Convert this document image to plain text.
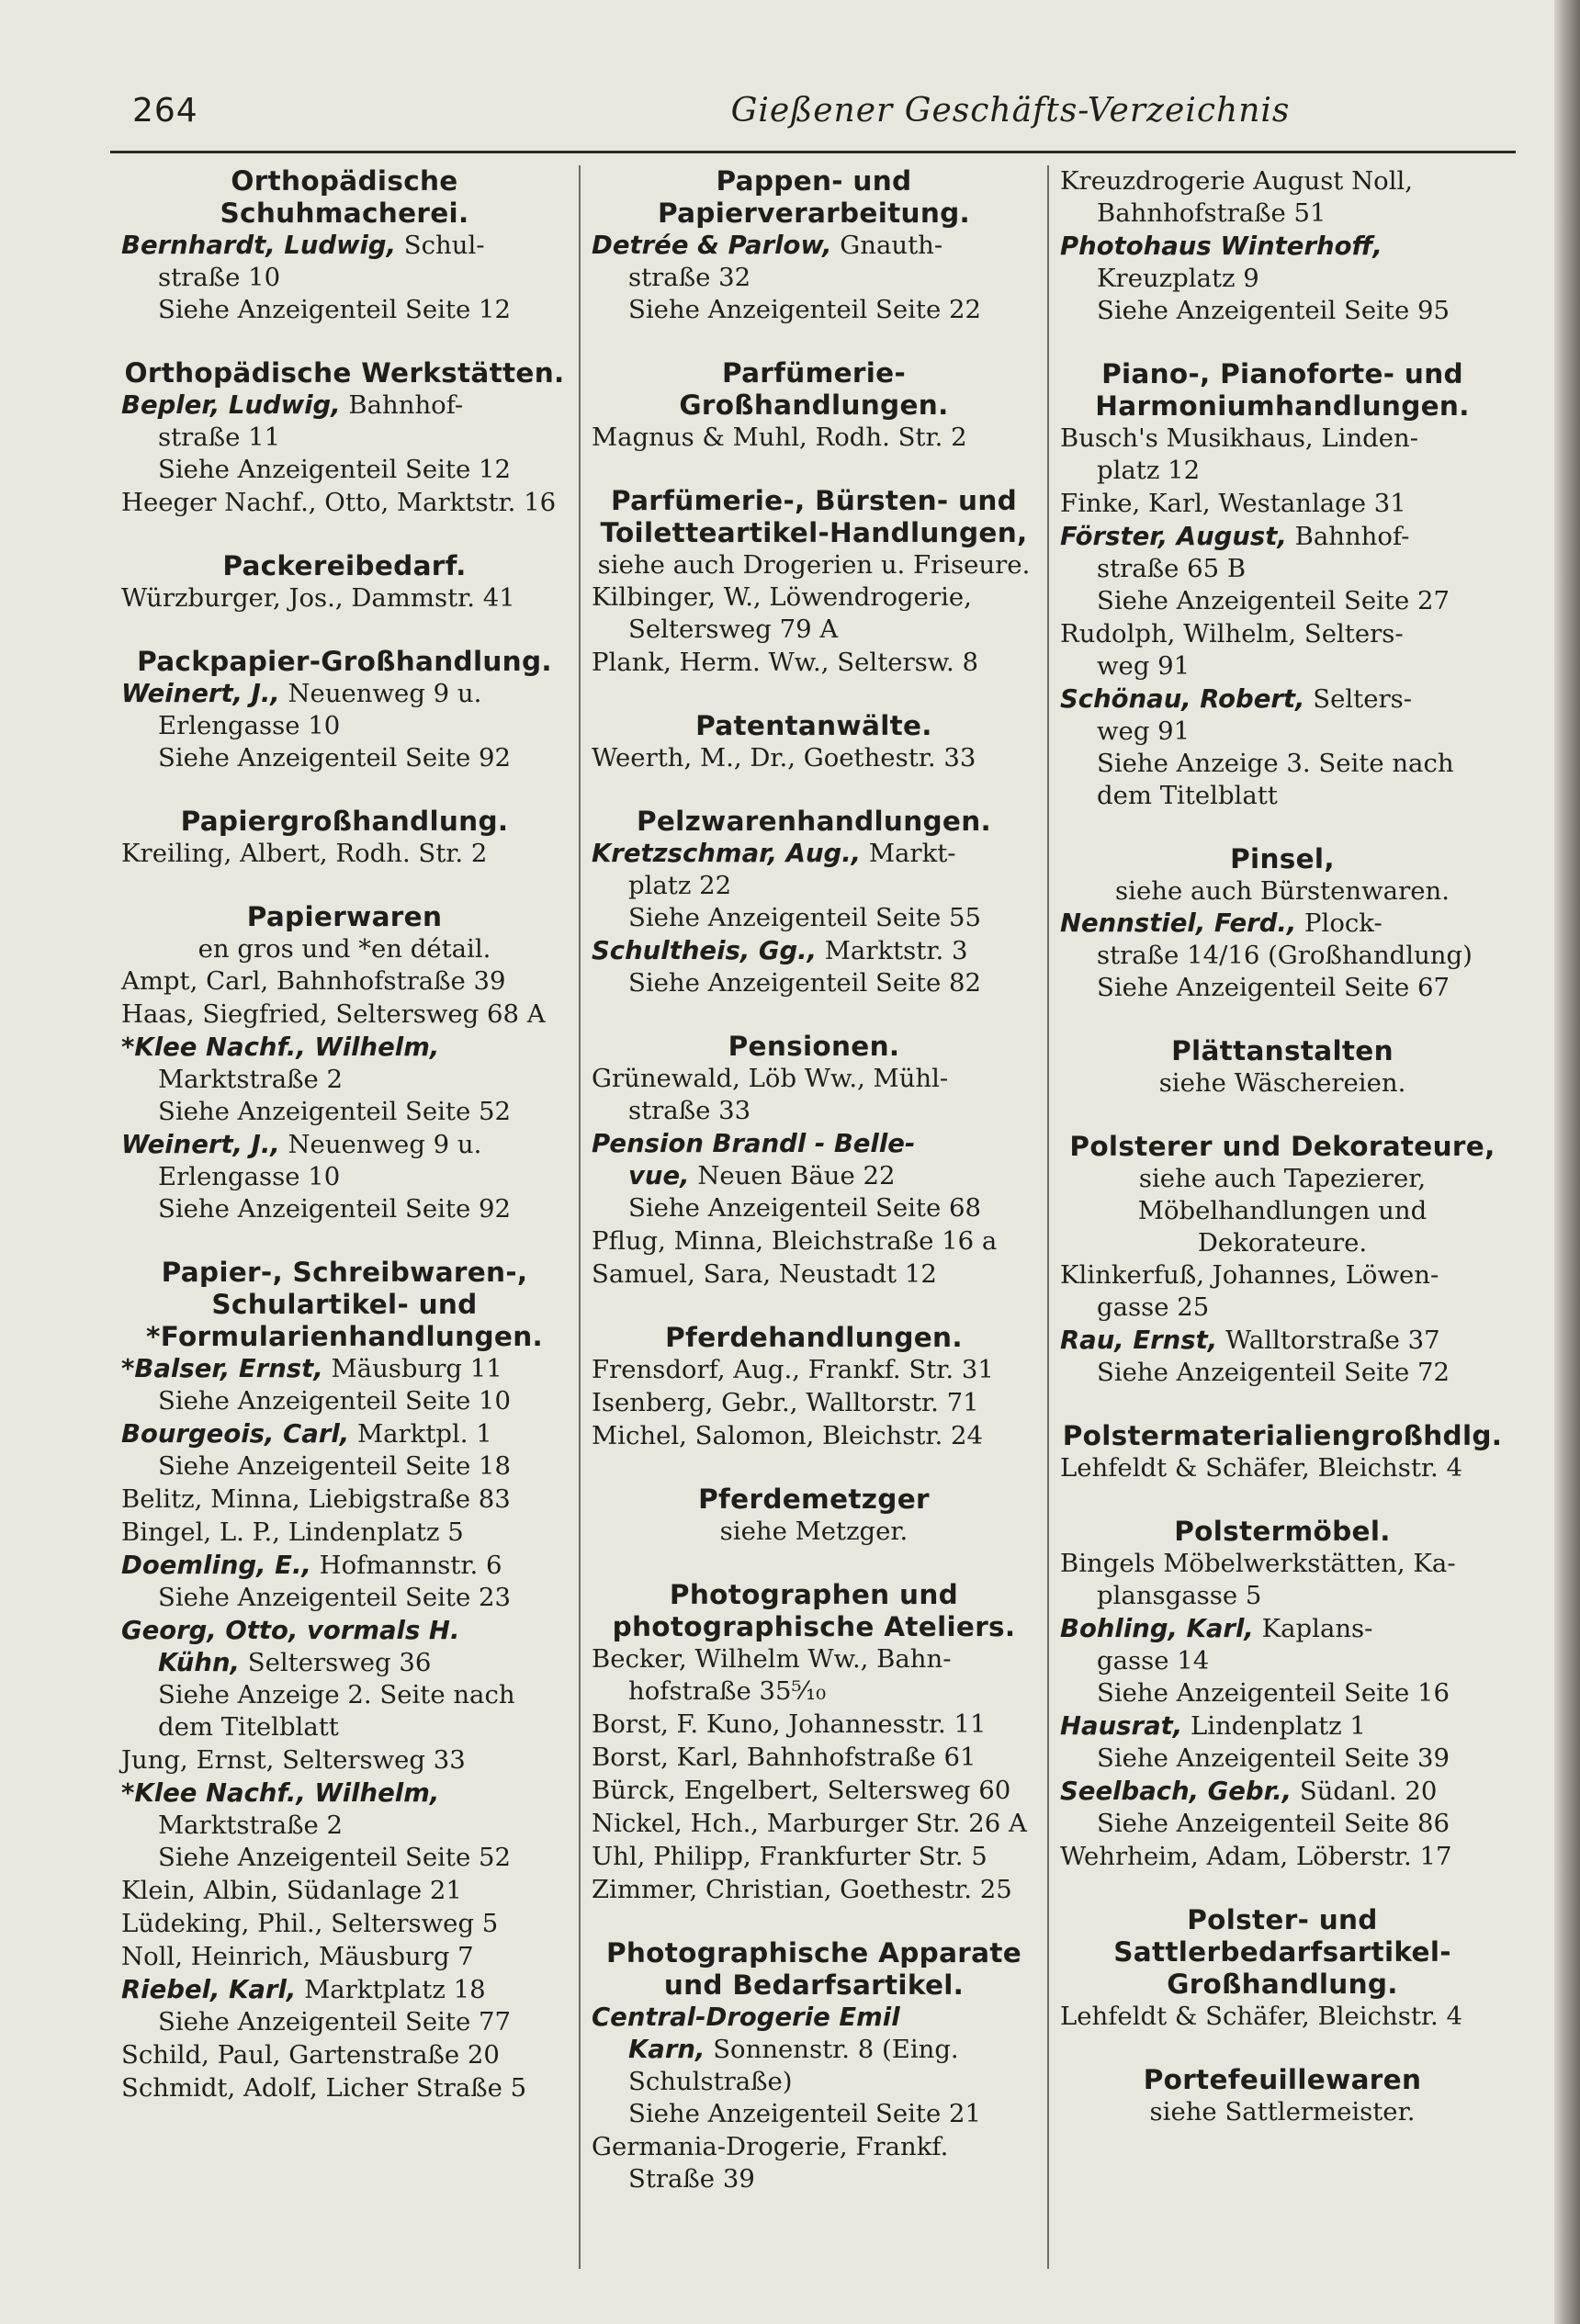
264	Gießener Geschäfts-Verzeichnis
Orthopädische Schuhmacherei.
Bernhardt, Ludwig, Schul-
straße 10
Siehe Anzeigenteil Seite 12
Orthopädische Werkstätten.
Bepler, Ludwig, Bahnhof-
straße 11
Siehe Anzeigenteil Seite 12
Heeger Nachf., Otto, Marktstr. 16
Packereibedarf.
Würzburger, Jos., Dammstr. 41
Packpapier-Großhandlung.
Weinert, J., Neuenweg 9 u.
Erlengasse 10
Siehe Anzeigenteil Seite 92
Papiergroßhandlung.
Kreiling, Albert, Rodh. Str. 2
Papierwaren
en gros und *en détail.
Ampt, Carl, Bahnhofstraße 39
Haas, Siegfried, Seltersweg 68 A
*Klee Nachf., Wilhelm,
Marktstraße 2
Siehe Anzeigenteil Seite 52
Weinert, J., Neuenweg 9 u.
Erlengasse 10
Siehe Anzeigenteil Seite 92
Papier-, Schreibwaren-, Schulartikel- und *Formularienhandlungen.
*Balser, Ernst, Mäusburg 11
Siehe Anzeigenteil Seite 10
Bourgeois, Carl, Marktpl. 1
Siehe Anzeigenteil Seite 18
Belitz, Minna, Liebigstraße 83
Bingel, L. P., Lindenplatz 5
Doemling, E., Hofmannstr. 6
Siehe Anzeigenteil Seite 23
Georg, Otto, vormals H.
Kühn, Seltersweg 36
Siehe Anzeige 2. Seite nach
dem Titelblatt
Jung, Ernst, Seltersweg 33
*Klee Nachf., Wilhelm,
Marktstraße 2
Siehe Anzeigenteil Seite 52
Klein, Albin, Südanlage 21
Lüdeking, Phil., Seltersweg 5
Noll, Heinrich, Mäusburg 7
Riebel, Karl, Marktplatz 18
Siehe Anzeigenteil Seite 77
Schild, Paul, Gartenstraße 20
Schmidt, Adolf, Licher Straße 5
Pappen- und Papierverarbeitung.
Detrée & Parlow, Gnauth-
straße 32
Siehe Anzeigenteil Seite 22
Parfümerie-Großhandlungen.
Magnus & Muhl, Rodh. Str. 2
Parfümerie-, Bürsten- und Toiletteartikel-Handlungen,
siehe auch Drogerien u. Friseure.
Kilbinger, W., Löwendrogerie,
Seltersweg 79 A
Plank, Herm. Ww., Seltersw. 8
Patentanwälte.
Weerth, M., Dr., Goethestr. 33
Pelzwarenhandlungen.
Kretzschmar, Aug., Markt-
platz 22
Siehe Anzeigenteil Seite 55
Schultheis, Gg., Marktstr. 3
Siehe Anzeigenteil Seite 82
Pensionen.
Grünewald, Löb Ww., Mühl-
straße 33
Pension Brandl - Belle-
vue, Neuen Bäue 22
Siehe Anzeigenteil Seite 68
Pflug, Minna, Bleichstraße 16 a
Samuel, Sara, Neustadt 12
Pferdehandlungen.
Frensdorf, Aug., Frankf. Str. 31
Isenberg, Gebr., Walltorstr. 71
Michel, Salomon, Bleichstr. 24
Pferdemetzger
siehe Metzger.
Photographen und photographische Ateliers.
Becker, Wilhelm Ww., Bahn-
hofstraße 35⁵⁄₁₀
Borst, F. Kuno, Johannesstr. 11
Borst, Karl, Bahnhofstraße 61
Bürck, Engelbert, Seltersweg 60
Nickel, Hch., Marburger Str. 26 A
Uhl, Philipp, Frankfurter Str. 5
Zimmer, Christian, Goethestr. 25
Photographische Apparate und Bedarfsartikel.
Central-Drogerie Emil
Karn, Sonnenstr. 8 (Eing.
Schulstraße)
Siehe Anzeigenteil Seite 21
Germania-Drogerie, Frankf.
Straße 39
Kreuzdrogerie August Noll,
Bahnhofstraße 51
Photohaus Winterhoff,
Kreuzplatz 9
Siehe Anzeigenteil Seite 95
Piano-, Pianoforte- und Harmoniumhandlungen.
Busch's Musikhaus, Linden-
platz 12
Finke, Karl, Westanlage 31
Förster, August, Bahnhof-
straße 65 B
Siehe Anzeigenteil Seite 27
Rudolph, Wilhelm, Selters-
weg 91
Schönau, Robert, Selters-
weg 91
Siehe Anzeige 3. Seite nach
dem Titelblatt
Pinsel,
siehe auch Bürstenwaren.
Nennstiel, Ferd., Plock-
straße 14/16 (Großhandlung)
Siehe Anzeigenteil Seite 67
Plättanstalten
siehe Wäschereien.
Polsterer und Dekorateure,
siehe auch Tapezierer, Möbelhandlungen und Dekorateure.
Klinkerfuß, Johannes, Löwen-
gasse 25
Rau, Ernst, Walltorstraße 37
Siehe Anzeigenteil Seite 72
Polstermaterialiengroßhdlg.
Lehfeldt & Schäfer, Bleichstr. 4
Polstermöbel.
Bingels Möbelwerkstätten, Ka-
plansgasse 5
Bohling, Karl, Kaplans-
gasse 14
Siehe Anzeigenteil Seite 16
Hausrat, Lindenplatz 1
Siehe Anzeigenteil Seite 39
Seelbach, Gebr., Südanl. 20
Siehe Anzeigenteil Seite 86
Wehrheim, Adam, Löberstr. 17
Polster- und Sattlerbedarfsartikel-Großhandlung.
Lehfeldt & Schäfer, Bleichstr. 4
Portefeuillewaren
siehe Sattlermeister.
